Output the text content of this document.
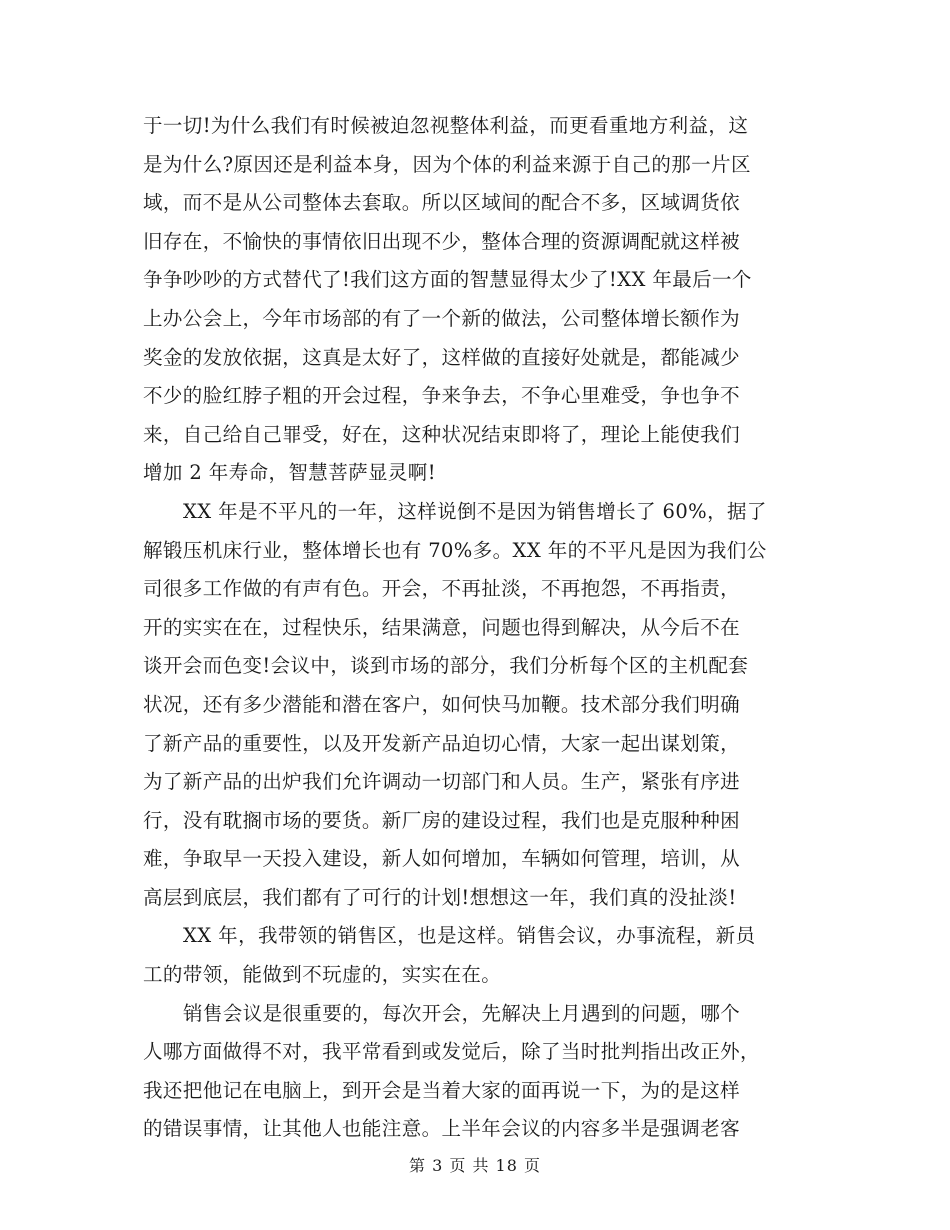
于一切!为什么我们有时候被迫忽视整体利益，而更看重地方利益，这
是为什么?原因还是利益本身，因为个体的利益来源于自己的那一片区
域，而不是从公司整体去套取。所以区域间的配合不多，区域调货依
旧存在，不愉快的事情依旧出现不少，整体合理的资源调配就这样被
争争吵吵的方式替代了!我们这方面的智慧显得太少了!XX 年最后一个
上办公会上，今年市场部的有了一个新的做法，公司整体增长额作为
奖金的发放依据，这真是太好了，这样做的直接好处就是，都能减少
不少的脸红脖子粗的开会过程，争来争去，不争心里难受，争也争不
来，自己给自己罪受，好在，这种状况结束即将了，理论上能使我们
增加 2 年寿命，智慧菩萨显灵啊!
XX 年是不平凡的一年，这样说倒不是因为销售增长了 60%，据了
解锻压机床行业，整体增长也有 70%多。XX 年的不平凡是因为我们公
司很多工作做的有声有色。开会，不再扯淡，不再抱怨，不再指责，
开的实实在在，过程快乐，结果满意，问题也得到解决，从今后不在
谈开会而色变!会议中，谈到市场的部分，我们分析每个区的主机配套
状况，还有多少潜能和潜在客户，如何快马加鞭。技术部分我们明确
了新产品的重要性，以及开发新产品迫切心情，大家一起出谋划策，
为了新产品的出炉我们允许调动一切部门和人员。生产，紧张有序进
行，没有耽搁市场的要货。新厂房的建设过程，我们也是克服种种困
难，争取早一天投入建设，新人如何增加，车辆如何管理，培训，从
高层到底层，我们都有了可行的计划!想想这一年，我们真的没扯淡!
XX 年，我带领的销售区，也是这样。销售会议，办事流程，新员
工的带领，能做到不玩虚的，实实在在。
销售会议是很重要的，每次开会，先解决上月遇到的问题，哪个
人哪方面做得不对，我平常看到或发觉后，除了当时批判指出改正外，
我还把他记在电脑上，到开会是当着大家的面再说一下，为的是这样
的错误事情，让其他人也能注意。上半年会议的内容多半是强调老客
第 3 页 共 18 页
